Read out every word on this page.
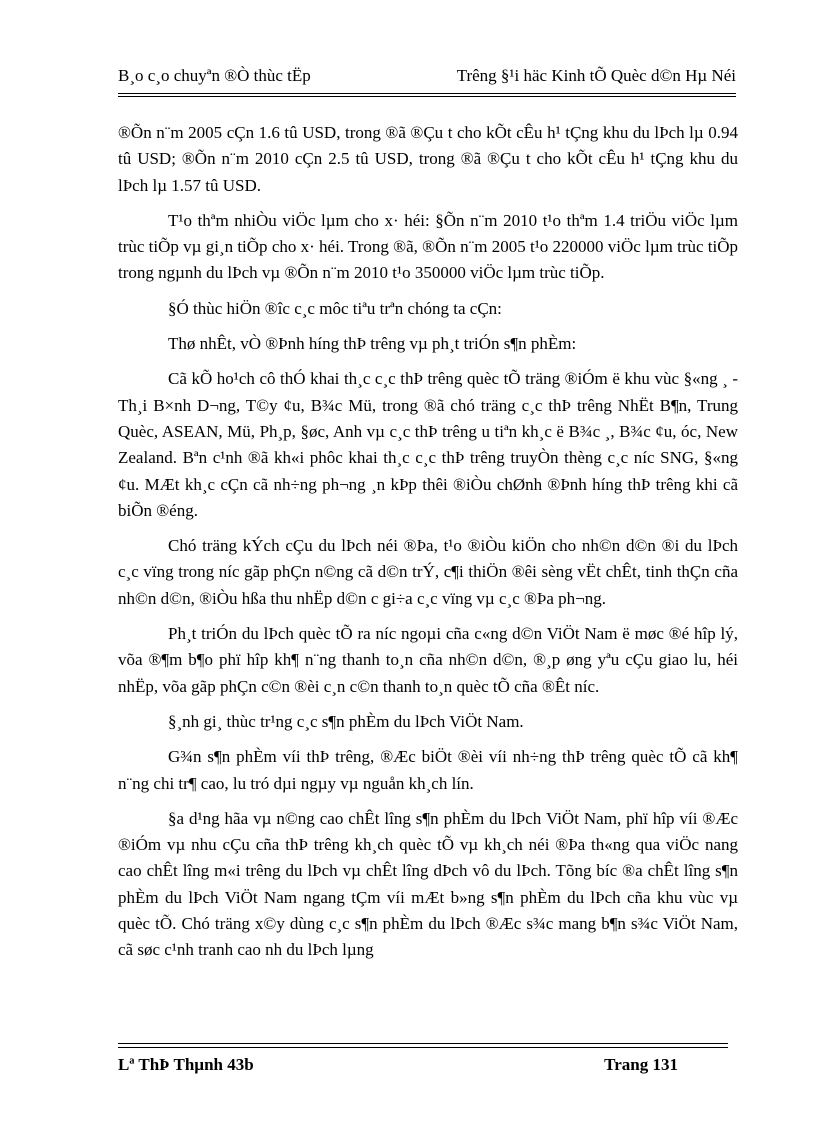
B¸o c¸o chuyªn ®Ò thùc tËp	Trêng §¹i häc Kinh tÕ Quèc d©n Hµ Néi

®Õn n¨m 2005 cÇn 1.6 tû USD, trong ®ã ®Çu t cho kÕt cÊu h¹ tÇng khu du lÞch lµ 0.94 tû USD; ®Õn n¨m 2010 cÇn 2.5 tû USD, trong ®ã ®Çu t cho kÕt cÊu h¹ tÇng khu du lÞch lµ 1.57 tû USD.

T¹o thªm nhiÒu viÖc lµm cho x· héi: §Õn n¨m 2010 t¹o thªm 1.4 triÖu viÖc lµm trùc tiÕp vµ gi¸n tiÕp cho x· héi. Trong ®ã, ®Õn n¨m 2005 t¹o 220000 viÖc lµm trùc tiÕp trong ngµnh du lÞch vµ ®Õn n¨m 2010 t¹o 350000 viÖc lµm trùc tiÕp.

§Ó thùc hiÖn ®îc c¸c môc tiªu trªn chóng ta cÇn:

Thø nhÊt, vÒ ®Þnh híng thÞ trêng vµ ph¸t triÓn s¶n phÈm:

Cã kÕ ho¹ch cô thÓ khai th¸c c¸c thÞ trêng quèc tÕ träng ®iÓm ë khu vùc §«ng ¸ - Th¸i B×nh D¬ng, T©y ¢u, B¾c Mü, trong ®ã chó träng c¸c thÞ trêng NhËt B¶n, Trung Quèc, ASEAN, Mü, Ph¸p, §øc, Anh vµ c¸c thÞ trêng u tiªn kh¸c ë B¾c ¸, B¾c ¢u, óc, New Zealand. Bªn c¹nh ®ã kh«i phôc khai th¸c c¸c thÞ trêng truyÒn thèng c¸c níc SNG, §«ng ¢u. MÆt kh¸c cÇn cã nh÷ng ph¬ng ¸n kÞp thêi ®iÒu chØnh ®Þnh híng thÞ trêng khi cã biÕn ®éng.

Chó träng kÝch cÇu du lÞch néi ®Þa, t¹o ®iÒu kiÖn cho nh©n d©n ®i du lÞch c¸c vïng trong níc gãp phÇn n©ng cã d©n trÝ, c¶i thiÖn ®êi sèng vËt chÊt, tinh thÇn cña nh©n d©n, ®iÒu hßa thu nhËp d©n c gi÷a c¸c vïng vµ c¸c ®Þa ph¬ng.

Ph¸t triÓn du lÞch quèc tÕ ra níc ngoµi cña c«ng d©n ViÖt Nam ë møc ®é hîp lý, võa ®¶m b¶o phï hîp kh¶ n¨ng thanh to¸n cña nh©n d©n, ®¸p øng yªu cÇu giao lu, héi nhËp, võa gãp phÇn c©n ®èi c¸n c©n thanh to¸n quèc tÕ cña ®Êt níc.

§¸nh gi¸ thùc tr¹ng c¸c s¶n phÈm du lÞch ViÖt Nam.

G¾n s¶n phÈm víi thÞ trêng, ®Æc biÖt ®èi víi nh÷ng thÞ trêng quèc tÕ cã kh¶ n¨ng chi tr¶ cao, lu tró dµi ngµy vµ nguån kh¸ch lín.

§a d¹ng hãa vµ n©ng cao chÊt lîng s¶n phÈm du lÞch ViÖt Nam, phï hîp víi ®Æc ®iÓm vµ nhu cÇu cña thÞ trêng kh¸ch quèc tÕ vµ kh¸ch néi ®Þa th«ng qua viÖc nang cao chÊt lîng m«i trêng du lÞch vµ chÊt lîng dÞch vô du lÞch. Tõng bíc ®a chÊt lîng s¶n phÈm du lÞch ViÖt Nam ngang tÇm víi mÆt b»ng s¶n phÈm du lÞch cña khu vùc vµ quèc tÕ. Chó träng x©y dùng c¸c s¶n phÈm du lÞch ®Æc s¾c mang b¶n s¾c ViÖt Nam, cã søc c¹nh tranh cao nh du lÞch lµng

Lª ThÞ Thµnh 43b	Trang 131
